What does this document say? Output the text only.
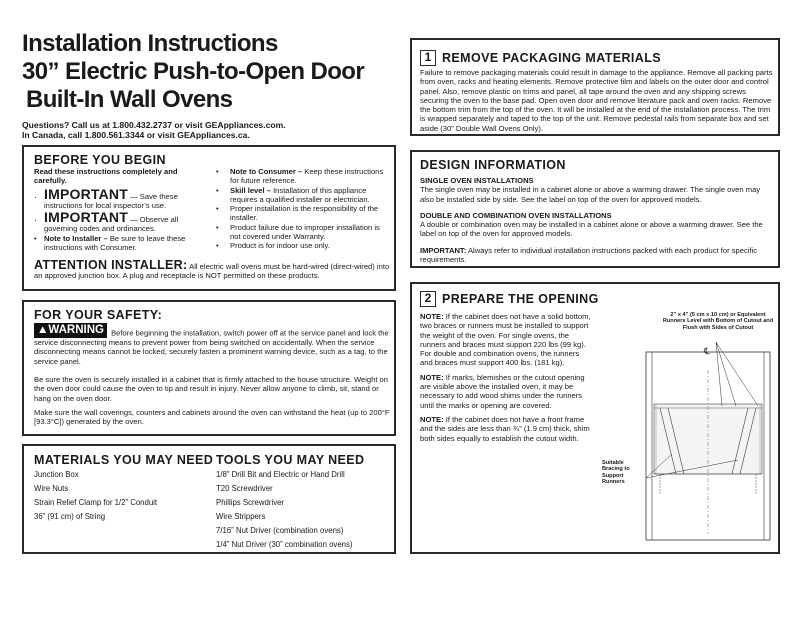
Installation Instructions
30” Electric Push-to-Open Door
Built-In Wall Ovens
Questions? Call us at 1.800.432.2737 or visit GEAppliances.com.
In Canada, call 1.800.561.3344 or visit GEAppliances.ca.
BEFORE YOU BEGIN
Read these instructions completely and carefully.
· IMPORTANT — Save these instructions for local inspector’s use.
· IMPORTANT — Observe all governing codes and ordinances.
• Note to Installer – Be sure to leave these instructions with Consumer.
• Note to Consumer – Keep these instructions for future reference.
• Skill level – Installation of this appliance requires a qualified installer or electrician.
• Proper installation is the responsibility of the installer.
• Product failure due to improper installation is not covered under Warranty.
• Product is for indoor use only.
ATTENTION INSTALLER: All electric wall ovens must be hard-wired (direct-wired) into an approved junction box. A plug and receptacle is NOT permitted on these products.
FOR YOUR SAFETY:
▲WARNING Before beginning the installation, switch power off at the service panel and lock the service disconnecting means to prevent power from being switched on accidentally. When the service disconnecting means cannot be locked, securely fasten a prominent warning device, such as a tag, to the service panel.
Be sure the oven is securely installed in a cabinet that is firmly attached to the house structure. Weight on the oven door could cause the oven to tip and result in injury. Never allow anyone to climb, sit, stand or hang on the oven door.
Make sure the wall coverings, counters and cabinets around the oven can withstand the heat (up to 200°F [93.3°C]) generated by the oven.
MATERIALS YOU MAY NEED
Junction Box
Wire Nuts
Strain Relief Clamp for 1/2” Conduit
36” (91 cm) of String
TOOLS YOU MAY NEED
1/8” Drill Bit and Electric or Hand Drill
T20 Screwdriver
Phillips Screwdriver
Wire Strippers
7/16” Nut Driver (combination ovens)
1/4” Nut Driver (30” combination ovens)
1 REMOVE PACKAGING MATERIALS
Failure to remove packaging materials could result in damage to the appliance. Remove all packing parts from oven, racks and heating elements. Remove protective film and labels on the outer door and control panel. Also, remove plastic on trims and panel, all tape around the oven and any shipping screws securing the oven to the base pad. Open oven door and remove literature pack and oven racks. Remove the bottom trim from the top of the oven. It will be installed at the end of the installation process. The trim is wrapped separately and taped to the top of the unit. Remove pedestal rails from separate box and set aside (30” Double Wall Ovens Only).
DESIGN INFORMATION
SINGLE OVEN INSTALLATIONS
The single oven may be installed in a cabinet alone or above a warming drawer. The single oven may also be installed side by side. See the label on top of the oven for approved models.
DOUBLE AND COMBINATION OVEN INSTALLATIONS
A double or combination oven may be installed in a cabinet alone or above a warming drawer. See the label on top of the oven for approved models.
IMPORTANT: Always refer to individual installation instructions packed with each product for specific requirements.
2 PREPARE THE OPENING
NOTE: If the cabinet does not have a solid bottom, two braces or runners must be installed to support the weight of the oven. For single ovens, the runners and braces must support 220 lbs (99 kg). For double and combination ovens, the runners and braces must support 400 lbs. (181 kg).
NOTE: If marks, blemishes or the cutout opening are visible above the installed oven, it may be necessary to add wood shims under the runners until the marks or opening are covered.
NOTE: If the cabinet does not have a front frame and the sides are less than ¾” (1.9 cm) thick, shim both sides equally to establish the cutout width.
2” x 4” (5 cm x 10 cm) or Equivalent Runners Level with Bottom of Cutout and Flush with Sides of Cutout
℄
Suitable Bracing to Support Runners
